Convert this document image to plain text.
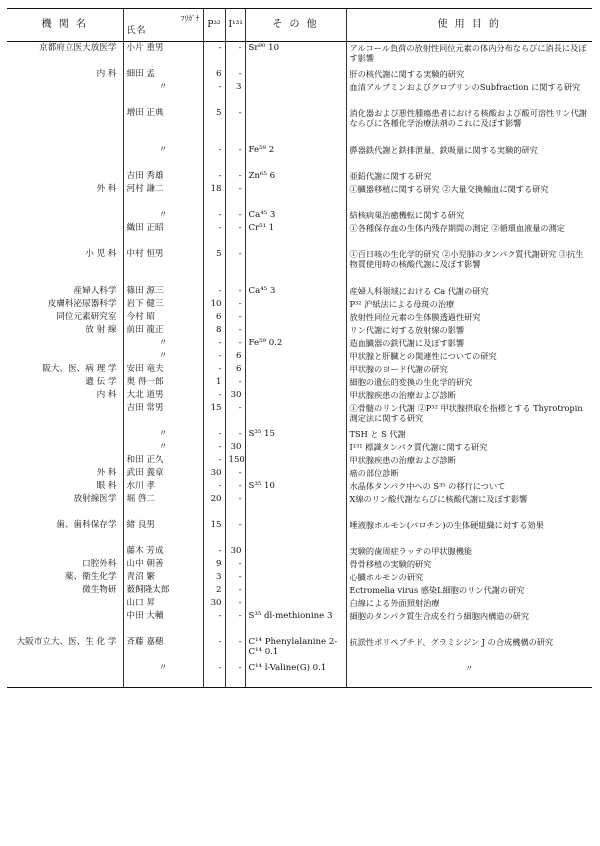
機 関 名	ﾌﾘｶﾞﾅ
氏名	P³²	I¹³¹	そ の 他	使 用 目 的
京都府立医大放医学	小片 重男	-	-	Sr⁹⁰ 10	アルコール負荷の放射性同位元素の体内分布ならびに消長に及ぼす影響
内 科	細田 孟	6	-		肝の核代謝に関する実験的研究
	〃	-	3		血清アルブミンおよびグロブリンのSubfraction に関する研究
	増田 正典	5	-		消化器および悪性腫瘍患者における核酸および酸可溶性リン代謝ならびに各種化学治療法剤のこれに及ぼす影響
	〃	-	-	Fe⁵⁹ 2	膵器鉄代謝と鉄排泄量、鉄吸量に関する実験的研究
	吉田 秀雄	-	-	Zn⁶⁵ 6	亜鉛代謝に関する研究
外 科	河村 謙二	18	-		①臓器移植に関する研究 ②大量交換輸血に関する研究
	〃	-	-	Ca⁴⁵ 3	結核病巣治癒機転に関する研究
	織田 正昭	-	-	Cr⁵¹ 1	①各種保存血の生体内残存期間の測定 ②循環血液量の測定
小 児 科	中村 恒男	5	-		①百日咳の生化学的研究 ②小児肺のタンパク質代謝研究 ③抗生物質使用時の核酸代謝に及ぼす影響
産婦人科学	篠田 源三	-	-	Ca⁴⁵ 3	産婦人科領域における Ca 代謝の研究
皮膚科泌尿器科学	岩下 健三	10	-		P³² 沪紙法による母斑の治療
同位元素研究室	今村 昭	6	-		放射性同位元素の生体膜透過性研究
放 射 線	前田 龍正	8	-		リン代謝に対する放射線の影響
	〃	-	-	Fe⁵⁹ 0.2	造血臓器の鉄代謝に及ぼす影響
	〃	-	6		甲状腺と肝臓との関連性についての研究
阪大、医、病 理 学	安田 竜夫	-	6		甲状腺のヨード代謝の研究
遺 伝 学	奥 得一郎	1	-		細胞の遺伝的変換の生化学的研究
内 科	大北 道男	-	30		甲状腺疾患の治療および診断
	吉田 常男	15	-		①骨髄のリン代謝 ②P³² 甲状腺摂取を指標とする Thyrotropin 測定法に関する研究
	〃	-	-	S³⁵ 15	TSH と S 代謝
	〃	-	30		I¹³¹ 標識タンパク質代謝に関する研究
	和田 正久	-	150		甲状腺疾患の治療および診断
外 科	武田 義章	30	-		癌の部位診断
眼 科	水川 孝	-	-	S³⁵ 10	水晶体タンパク中への S³⁵ の移行について
放射線医学	堀 啓二	20	-		X線のリン酸代謝ならびに核酸代謝に及ぼす影響
歯、歯科保存学	緒 良男	15	-		唾液腺ホルモン(パロチン)の生体硬組織に対する効果
	藤木 芳成	-	30		実験的歯周症ラッテの甲状腺機能
口腔外科	山中 朝善	9	-		骨骨移植の実験的研究
薬、衛生化学	青沼 繁	3	-		心臓ホルモンの研究
微生物研	薮飼隆太郎	2	-		Ectromelia virus 感染L細胞のリン代謝の研究
	山口 昇	30	-		白線による外面照射治療
	中田 大輔	-	-	S³⁵ dl-methionine 3	細胞のタンパク質生合成を行う細胞内構造の研究
大阪市立大、医、生 化 学	斉藤 嘉穂	-	-	C¹⁴ Phenylalanine 2-C¹⁴ 0.1	抗淤性ポリペプチド、グラミシジン J の合成機構の研究
	〃	-	-	C¹⁴ l-Valine(G) 0.1	〃
